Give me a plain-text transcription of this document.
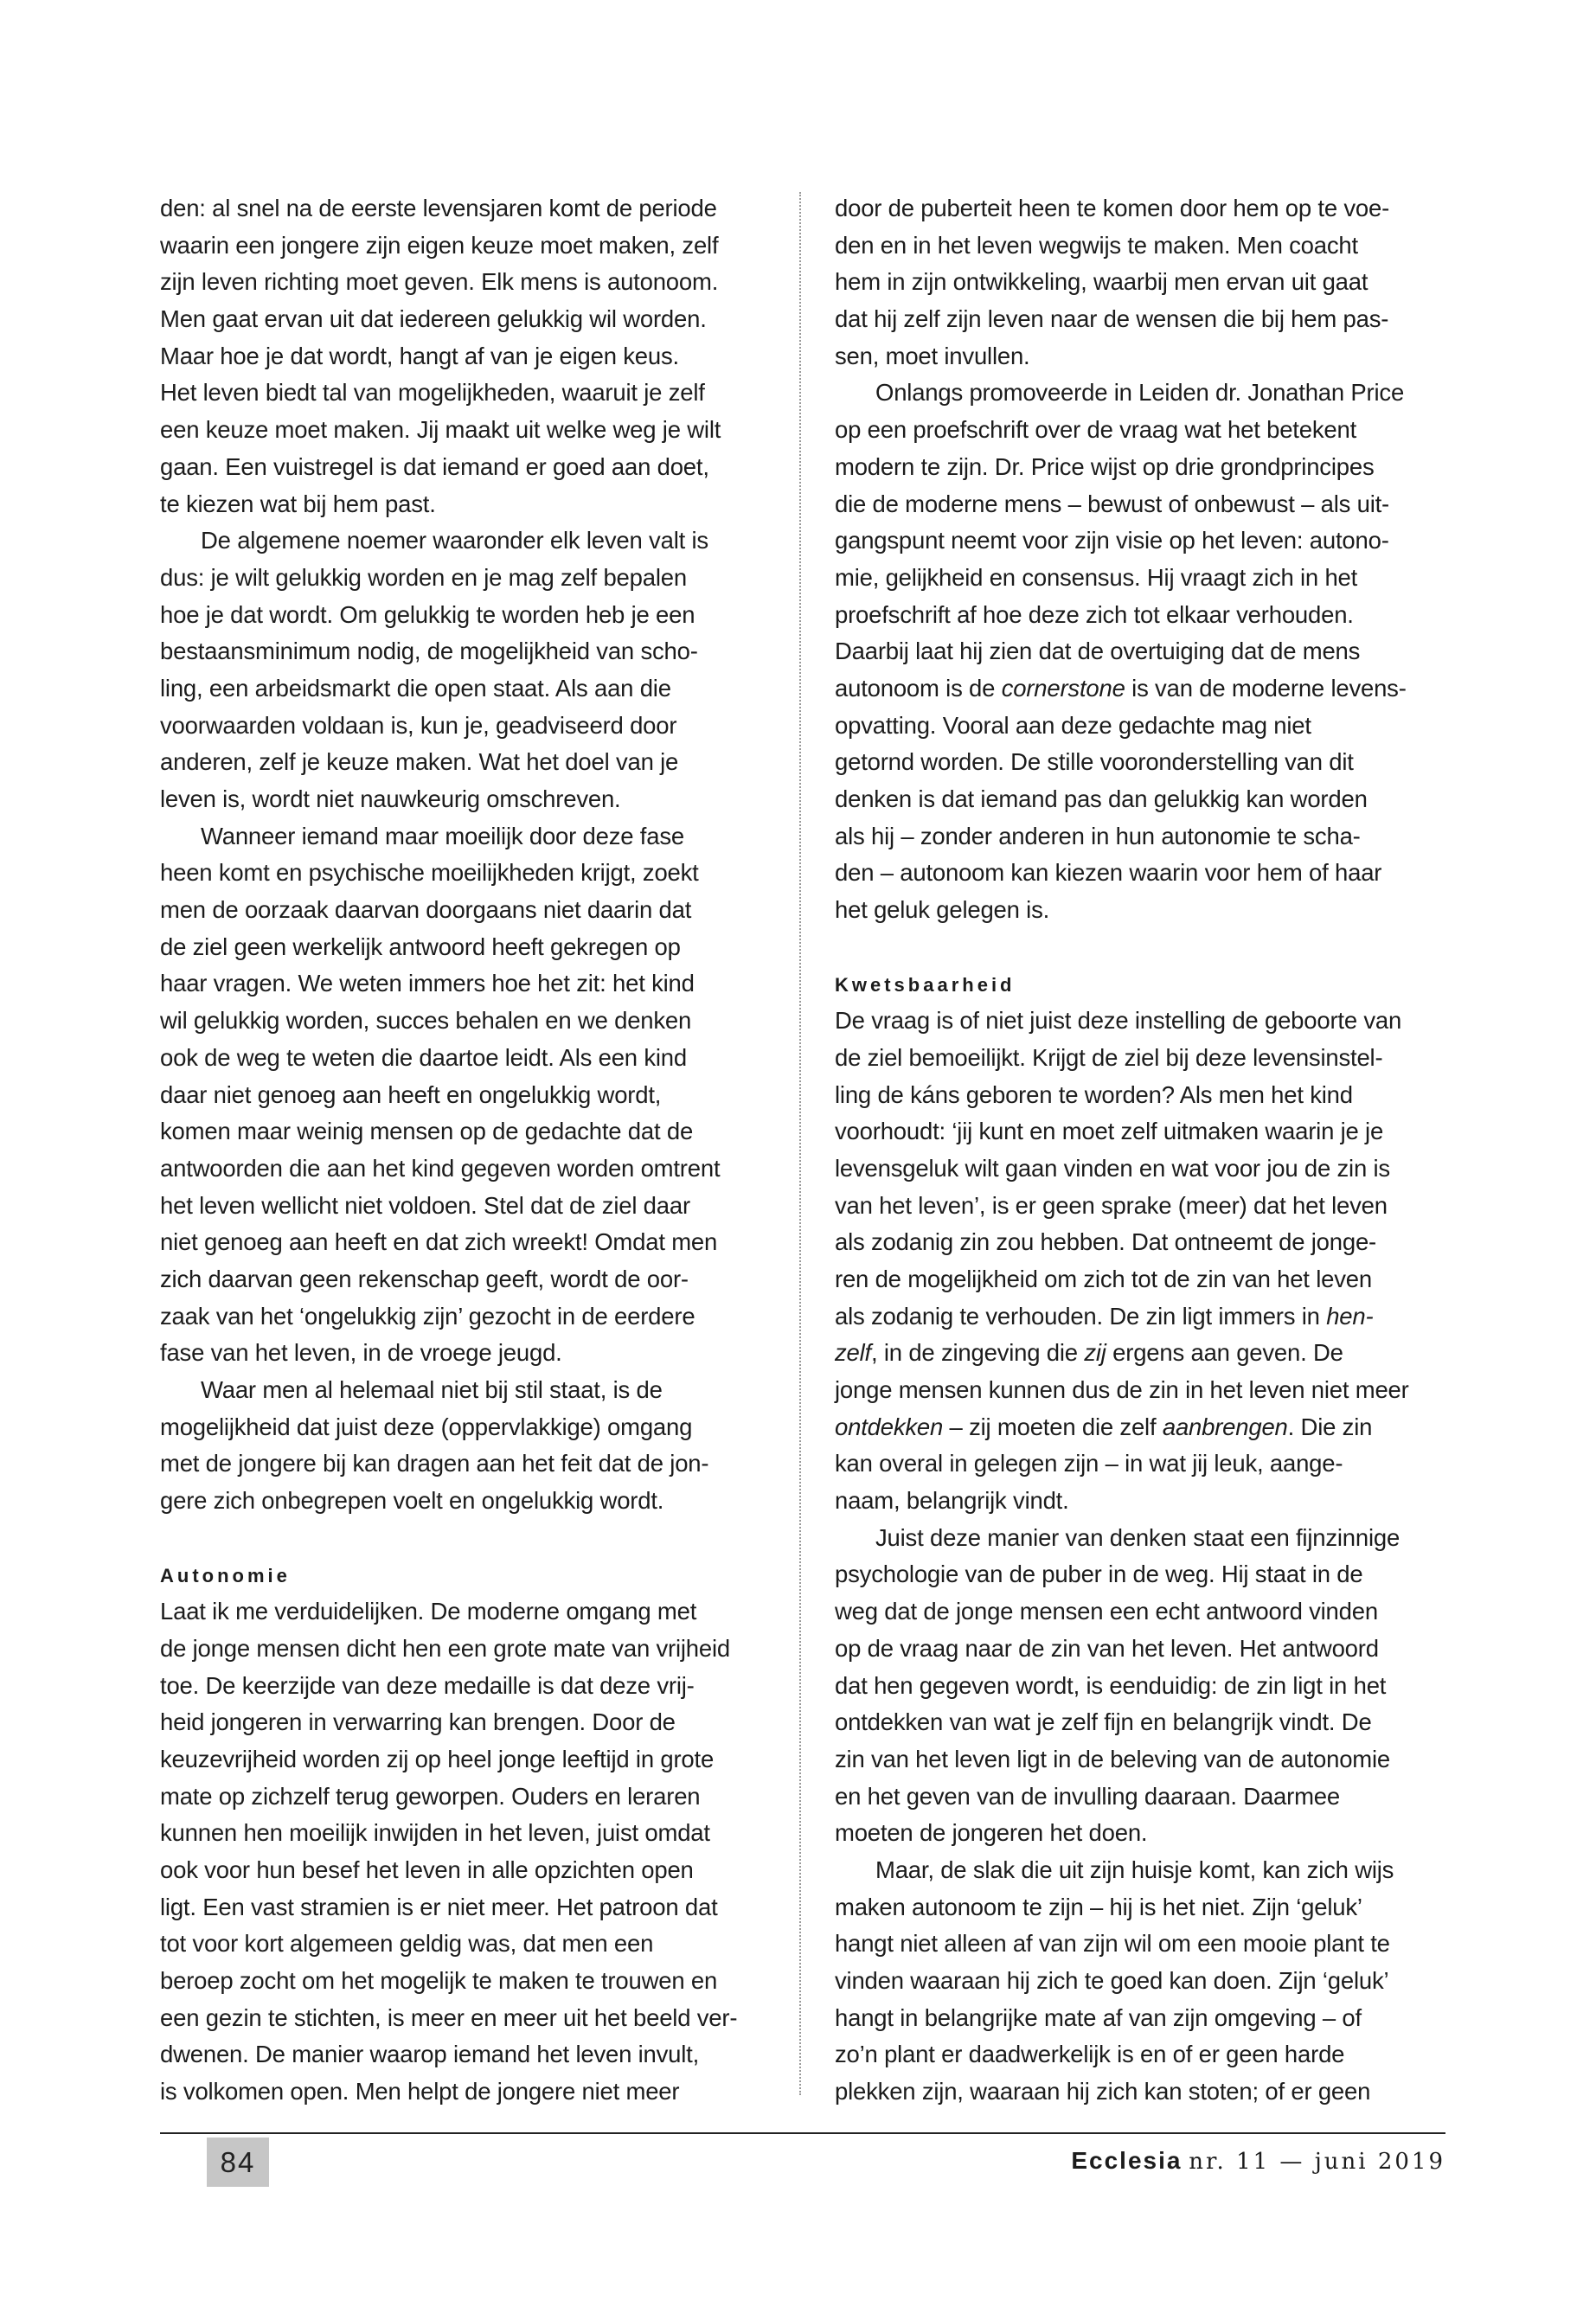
den: al snel na de eerste levensjaren komt de periode
waarin een jongere zijn eigen keuze moet maken, zelf
zijn leven richting moet geven. Elk mens is autonoom.
Men gaat ervan uit dat iedereen gelukkig wil worden.
Maar hoe je dat wordt, hangt af van je eigen keus.
Het leven biedt tal van mogelijkheden, waaruit je zelf
een keuze moet maken. Jij maakt uit welke weg je wilt
gaan. Een vuistregel is dat iemand er goed aan doet,
te kiezen wat bij hem past.
De algemene noemer waaronder elk leven valt is
dus: je wilt gelukkig worden en je mag zelf bepalen
hoe je dat wordt. Om gelukkig te worden heb je een
bestaansminimum nodig, de mogelijkheid van scho-
ling, een arbeidsmarkt die open staat. Als aan die
voorwaarden voldaan is, kun je, geadviseerd door
anderen, zelf je keuze maken. Wat het doel van je
leven is, wordt niet nauwkeurig omschreven.
Wanneer iemand maar moeilijk door deze fase
heen komt en psychische moeilijkheden krijgt, zoekt
men de oorzaak daarvan doorgaans niet daarin dat
de ziel geen werkelijk antwoord heeft gekregen op
haar vragen. We weten immers hoe het zit: het kind
wil gelukkig worden, succes behalen en we denken
ook de weg te weten die daartoe leidt. Als een kind
daar niet genoeg aan heeft en ongelukkig wordt,
komen maar weinig mensen op de gedachte dat de
antwoorden die aan het kind gegeven worden omtrent
het leven wellicht niet voldoen. Stel dat de ziel daar
niet genoeg aan heeft en dat zich wreekt! Omdat men
zich daarvan geen rekenschap geeft, wordt de oor-
zaak van het ‘ongelukkig zijn’ gezocht in de eerdere
fase van het leven, in de vroege jeugd.
Waar men al helemaal niet bij stil staat, is de
mogelijkheid dat juist deze (oppervlakkige) omgang
met de jongere bij kan dragen aan het feit dat de jon-
gere zich onbegrepen voelt en ongelukkig wordt.
Autonomie
Laat ik me verduidelijken. De moderne omgang met
de jonge mensen dicht hen een grote mate van vrijheid
toe. De keerzijde van deze medaille is dat deze vrij-
heid jongeren in verwarring kan brengen. Door de
keuzevrijheid worden zij op heel jonge leeftijd in grote
mate op zichzelf terug geworpen. Ouders en leraren
kunnen hen moeilijk inwijden in het leven, juist omdat
ook voor hun besef het leven in alle opzichten open
ligt. Een vast stramien is er niet meer. Het patroon dat
tot voor kort algemeen geldig was, dat men een
beroep zocht om het mogelijk te maken te trouwen en
een gezin te stichten, is meer en meer uit het beeld ver-
dwenen. De manier waarop iemand het leven invult,
is volkomen open. Men helpt de jongere niet meer
door de puberteit heen te komen door hem op te voe-
den en in het leven wegwijs te maken. Men coacht
hem in zijn ontwikkeling, waarbij men ervan uit gaat
dat hij zelf zijn leven naar de wensen die bij hem pas-
sen, moet invullen.
Onlangs promoveerde in Leiden dr. Jonathan Price
op een proefschrift over de vraag wat het betekent
modern te zijn. Dr. Price wijst op drie grondprincipes
die de moderne mens – bewust of onbewust – als uit-
gangspunt neemt voor zijn visie op het leven: autono-
mie, gelijkheid en consensus. Hij vraagt zich in het
proefschrift af hoe deze zich tot elkaar verhouden.
Daarbij laat hij zien dat de overtuiging dat de mens
autonoom is de cornerstone is van de moderne levens-
opvatting. Vooral aan deze gedachte mag niet
getornd worden. De stille vooronderstelling van dit
denken is dat iemand pas dan gelukkig kan worden
als hij – zonder anderen in hun autonomie te scha-
den – autonoom kan kiezen waarin voor hem of haar
het geluk gelegen is.
Kwetsbaarheid
De vraag is of niet juist deze instelling de geboorte van
de ziel bemoeilijkt. Krijgt de ziel bij deze levensinstel-
ling de káns geboren te worden? Als men het kind
voorhoudt: ‘jij kunt en moet zelf uitmaken waarin je je
levensgeluk wilt gaan vinden en wat voor jou de zin is
van het leven’, is er geen sprake (meer) dat het leven
als zodanig zin zou hebben. Dat ontneemt de jonge-
ren de mogelijkheid om zich tot de zin van het leven
als zodanig te verhouden. De zin ligt immers in hen-
zelf, in de zingeving die zij ergens aan geven. De
jonge mensen kunnen dus de zin in het leven niet meer
ontdekken – zij moeten die zelf aanbrengen. Die zin
kan overal in gelegen zijn – in wat jij leuk, aange-
naam, belangrijk vindt.
Juist deze manier van denken staat een fijnzinnige
psychologie van de puber in de weg. Hij staat in de
weg dat de jonge mensen een echt antwoord vinden
op de vraag naar de zin van het leven. Het antwoord
dat hen gegeven wordt, is eenduidig: de zin ligt in het
ontdekken van wat je zelf fijn en belangrijk vindt. De
zin van het leven ligt in de beleving van de autonomie
en het geven van de invulling daaraan. Daarmee
moeten de jongeren het doen.
Maar, de slak die uit zijn huisje komt, kan zich wijs
maken autonoom te zijn – hij is het niet. Zijn ‘geluk’
hangt niet alleen af van zijn wil om een mooie plant te
vinden waaraan hij zich te goed kan doen. Zijn ‘geluk’
hangt in belangrijke mate af van zijn omgeving – of
zo’n plant er daadwerkelijk is en of er geen harde
plekken zijn, waaraan hij zich kan stoten; of er geen
84	Ecclesia nr. 11 — juni 2019
